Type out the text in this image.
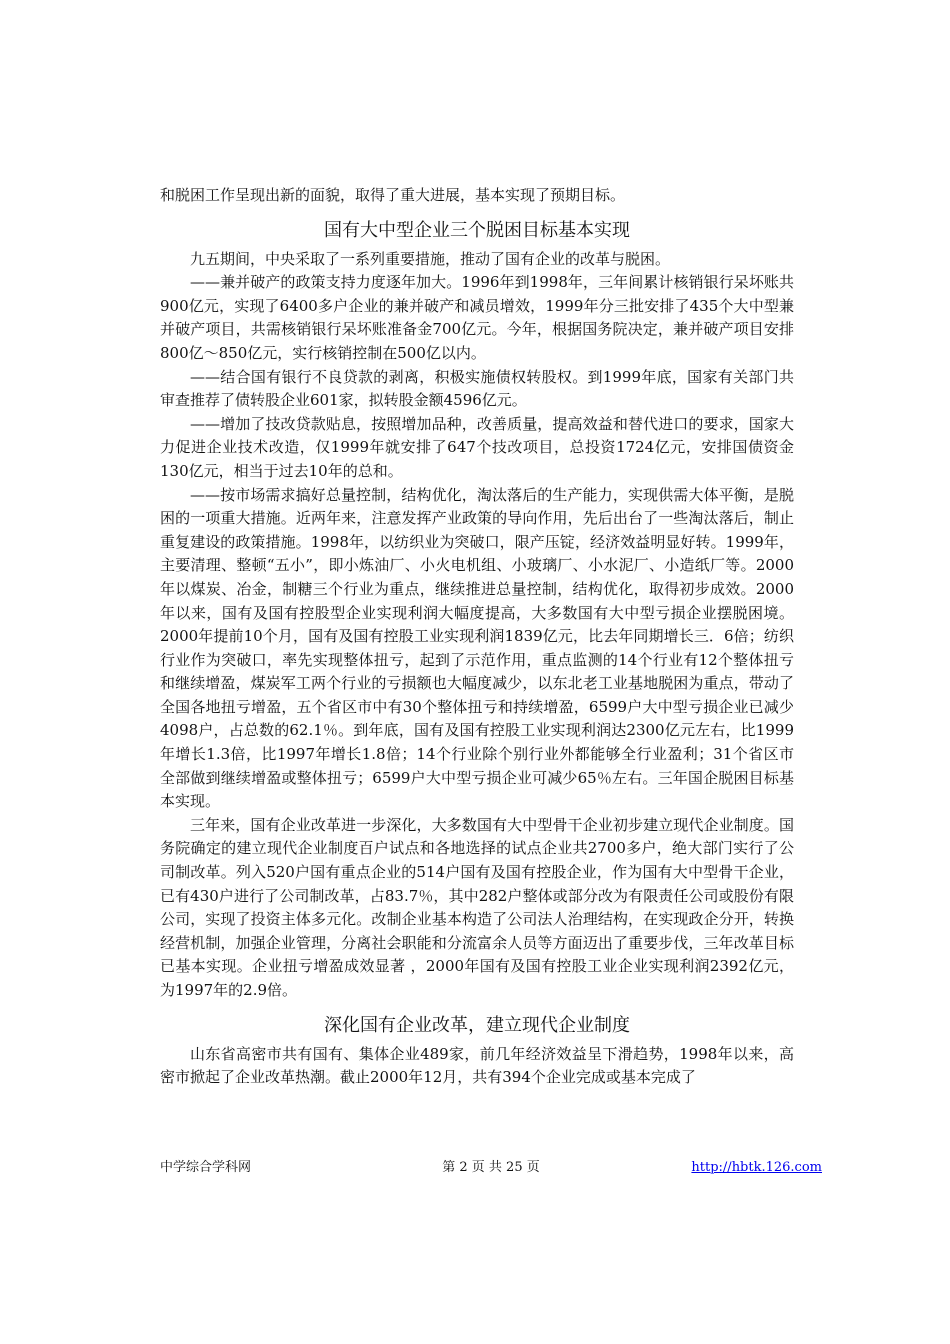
和脱困工作呈现出新的面貌，取得了重大进展，基本实现了预期目标。

国有大中型企业三个脱困目标基本实现

九五期间，中央采取了一系列重要措施，推动了国有企业的改革与脱困。

——兼并破产的政策支持力度逐年加大。1996年到1998年，三年间累计核销银行呆坏账共900亿元，实现了6400多户企业的兼并破产和减员增效，1999年分三批安排了435个大中型兼并破产项目，共需核销银行呆坏账准备金700亿元。今年，根据国务院决定，兼并破产项目安排800亿～850亿元，实行核销控制在500亿以内。

——结合国有银行不良贷款的剥离，积极实施债权转股权。到1999年底，国家有关部门共审查推荐了债转股企业601家，拟转股金额4596亿元。

——增加了技改贷款贴息，按照增加品种，改善质量，提高效益和替代进口的要求，国家大力促进企业技术改造，仅1999年就安排了647个技改项目，总投资1724亿元，安排国债资金130亿元，相当于过去10年的总和。

——按市场需求搞好总量控制，结构优化，淘汰落后的生产能力，实现供需大体平衡，是脱困的一项重大措施。近两年来，注意发挥产业政策的导向作用，先后出台了一些淘汰落后，制止重复建设的政策措施。1998年，以纺织业为突破口，限产压锭，经济效益明显好转。1999年，主要清理、整顿“五小”，即小炼油厂、小火电机组、小玻璃厂、小水泥厂、小造纸厂等。2000年以煤炭、冶金，制糖三个行业为重点，继续推进总量控制，结构优化，取得初步成效。2000年以来，国有及国有控股型企业实现利润大幅度提高，大多数国有大中型亏损企业摆脱困境。2000年提前10个月，国有及国有控股工业实现利润1839亿元，比去年同期增长三．6倍；纺织行业作为突破口，率先实现整体扭亏，起到了示范作用，重点监测的14个行业有12个整体扭亏和继续增盈，煤炭军工两个行业的亏损额也大幅度减少，以东北老工业基地脱困为重点，带动了全国各地扭亏增盈，五个省区市中有30个整体扭亏和持续增盈，6599户大中型亏损企业已减少4098户，占总数的62.1％。到年底，国有及国有控股工业实现利润达2300亿元左右，比1999年增长1.3倍，比1997年增长1.8倍；14个行业除个别行业外都能够全行业盈利；31个省区市全部做到继续增盈或整体扭亏；6599户大中型亏损企业可减少65％左右。三年国企脱困目标基本实现。

三年来，国有企业改革进一步深化，大多数国有大中型骨干企业初步建立现代企业制度。国务院确定的建立现代企业制度百户试点和各地选择的试点企业共2700多户，绝大部门实行了公司制改革。列入520户国有重点企业的514户国有及国有控股企业，作为国有大中型骨干企业，已有430户进行了公司制改革，占83.7％，其中282户整体或部分改为有限责任公司或股份有限公司，实现了投资主体多元化。改制企业基本构造了公司法人治理结构，在实现政企分开，转换经营机制，加强企业管理，分离社会职能和分流富余人员等方面迈出了重要步伐，三年改革目标已基本实现。企业扭亏增盈成效显著 ，2000年国有及国有控股工业企业实现利润2392亿元，为1997年的2.9倍。

深化国有企业改革，建立现代企业制度

山东省高密市共有国有、集体企业489家，前几年经济效益呈下滑趋势，1998年以来，高密市掀起了企业改革热潮。截止2000年12月，共有394个企业完成或基本完成了

中学综合学科网	第 2 页 共 25 页	http://hbtk.126.com
